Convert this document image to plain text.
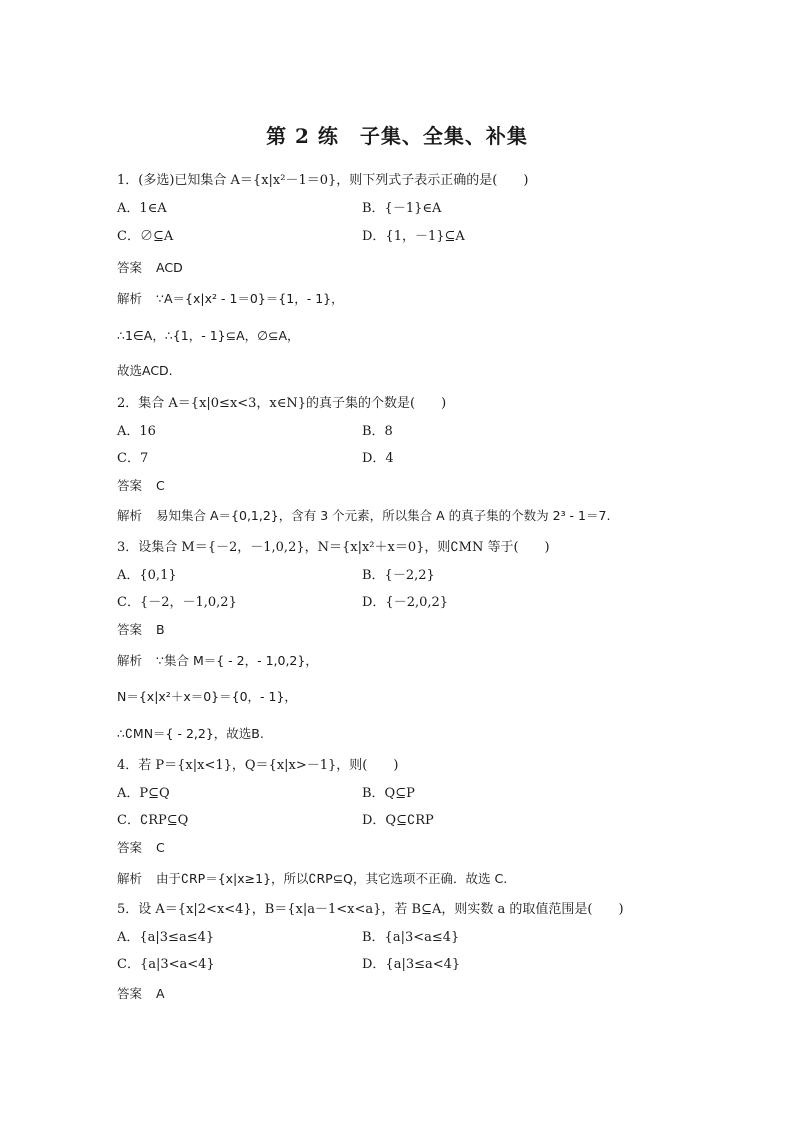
第 2 练　子集、全集、补集
1．(多选)已知集合 A＝{x|x²－1＝0}，则下列式子表示正确的是(　　)
A．1∈A	B．{－1}∈A
C．∅⊆A	D．{1，－1}⊆A
答案 ACD
解析 ∵A＝{x|x² - 1＝0}＝{1，- 1}，
∴1∈A，∴{1，- 1}⊆A，∅⊆A，
故选ACD.
2．集合 A＝{x|0≤x<3，x∈N}的真子集的个数是(　　)
A．16	B．8
C．7	D．4
答案 C
解析 易知集合 A＝{0,1,2}，含有 3 个元素，所以集合 A 的真子集的个数为 2³ - 1＝7.
3．设集合 M＝{－2，－1,0,2}，N＝{x|x²＋x＝0}，则∁MN 等于(　　)
A．{0,1}	B．{－2,2}
C．{－2，－1,0,2}	D．{－2,0,2}
答案 B
解析 ∵集合 M＝{ - 2，- 1,0,2}，
N＝{x|x²＋x＝0}＝{0，- 1}，
∴∁MN＝{ - 2,2}，故选B.
4．若 P＝{x|x<1}，Q＝{x|x>－1}，则(　　)
A．P⊆Q	B．Q⊆P
C．∁RP⊆Q	D．Q⊆∁RP
答案 C
解析 由于∁RP＝{x|x≥1}，所以∁RP⊆Q，其它选项不正确．故选 C.
5．设 A＝{x|2<x<4}，B＝{x|a－1<x<a}，若 B⊆A，则实数 a 的取值范围是(　　)
A．{a|3≤a≤4}	B．{a|3<a≤4}
C．{a|3<a<4}	D．{a|3≤a<4}
答案 A
